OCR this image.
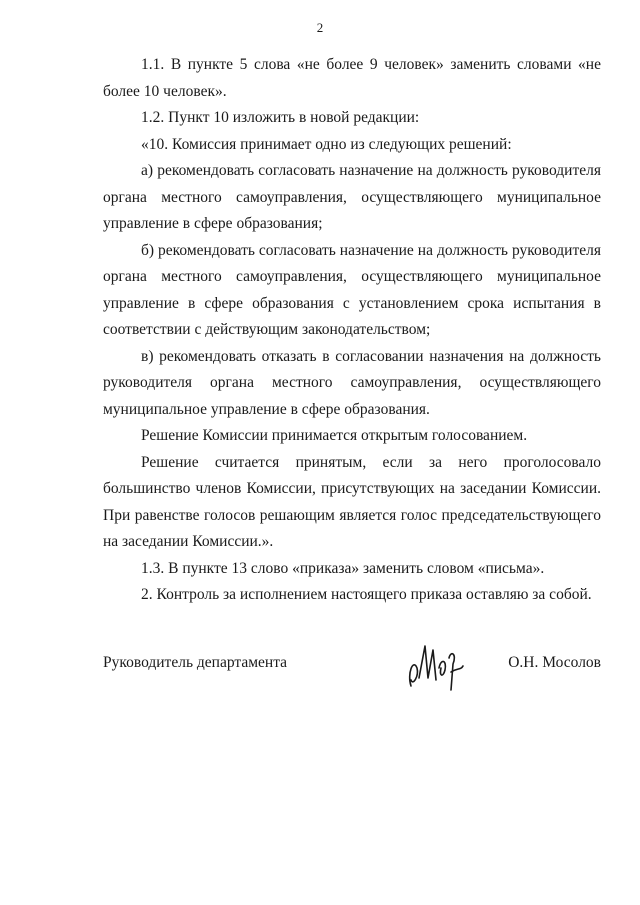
2

1.1. В пункте 5 слова «не более 9 человек» заменить словами «не более 10 человек».

1.2. Пункт 10 изложить в новой редакции:

«10. Комиссия принимает одно из следующих решений:

а) рекомендовать согласовать назначение на должность руководителя органа местного самоуправления, осуществляющего муниципальное управление в сфере образования;

б) рекомендовать согласовать назначение на должность руководителя органа местного самоуправления, осуществляющего муниципальное управление в сфере образования с установлением срока испытания в соответствии с действующим законодательством;

в) рекомендовать отказать в согласовании назначения на должность руководителя органа местного самоуправления, осуществляющего муниципальное управление в сфере образования.

Решение Комиссии принимается открытым голосованием.

Решение считается принятым, если за него проголосовало большинство членов Комиссии, присутствующих на заседании Комиссии. При равенстве голосов решающим является голос председательствующего на заседании Комиссии.».

1.3. В пункте 13 слово «приказа» заменить словом «письма».

2. Контроль за исполнением настоящего приказа оставляю за собой.

Руководитель департамента	О.Н. Мосолов
